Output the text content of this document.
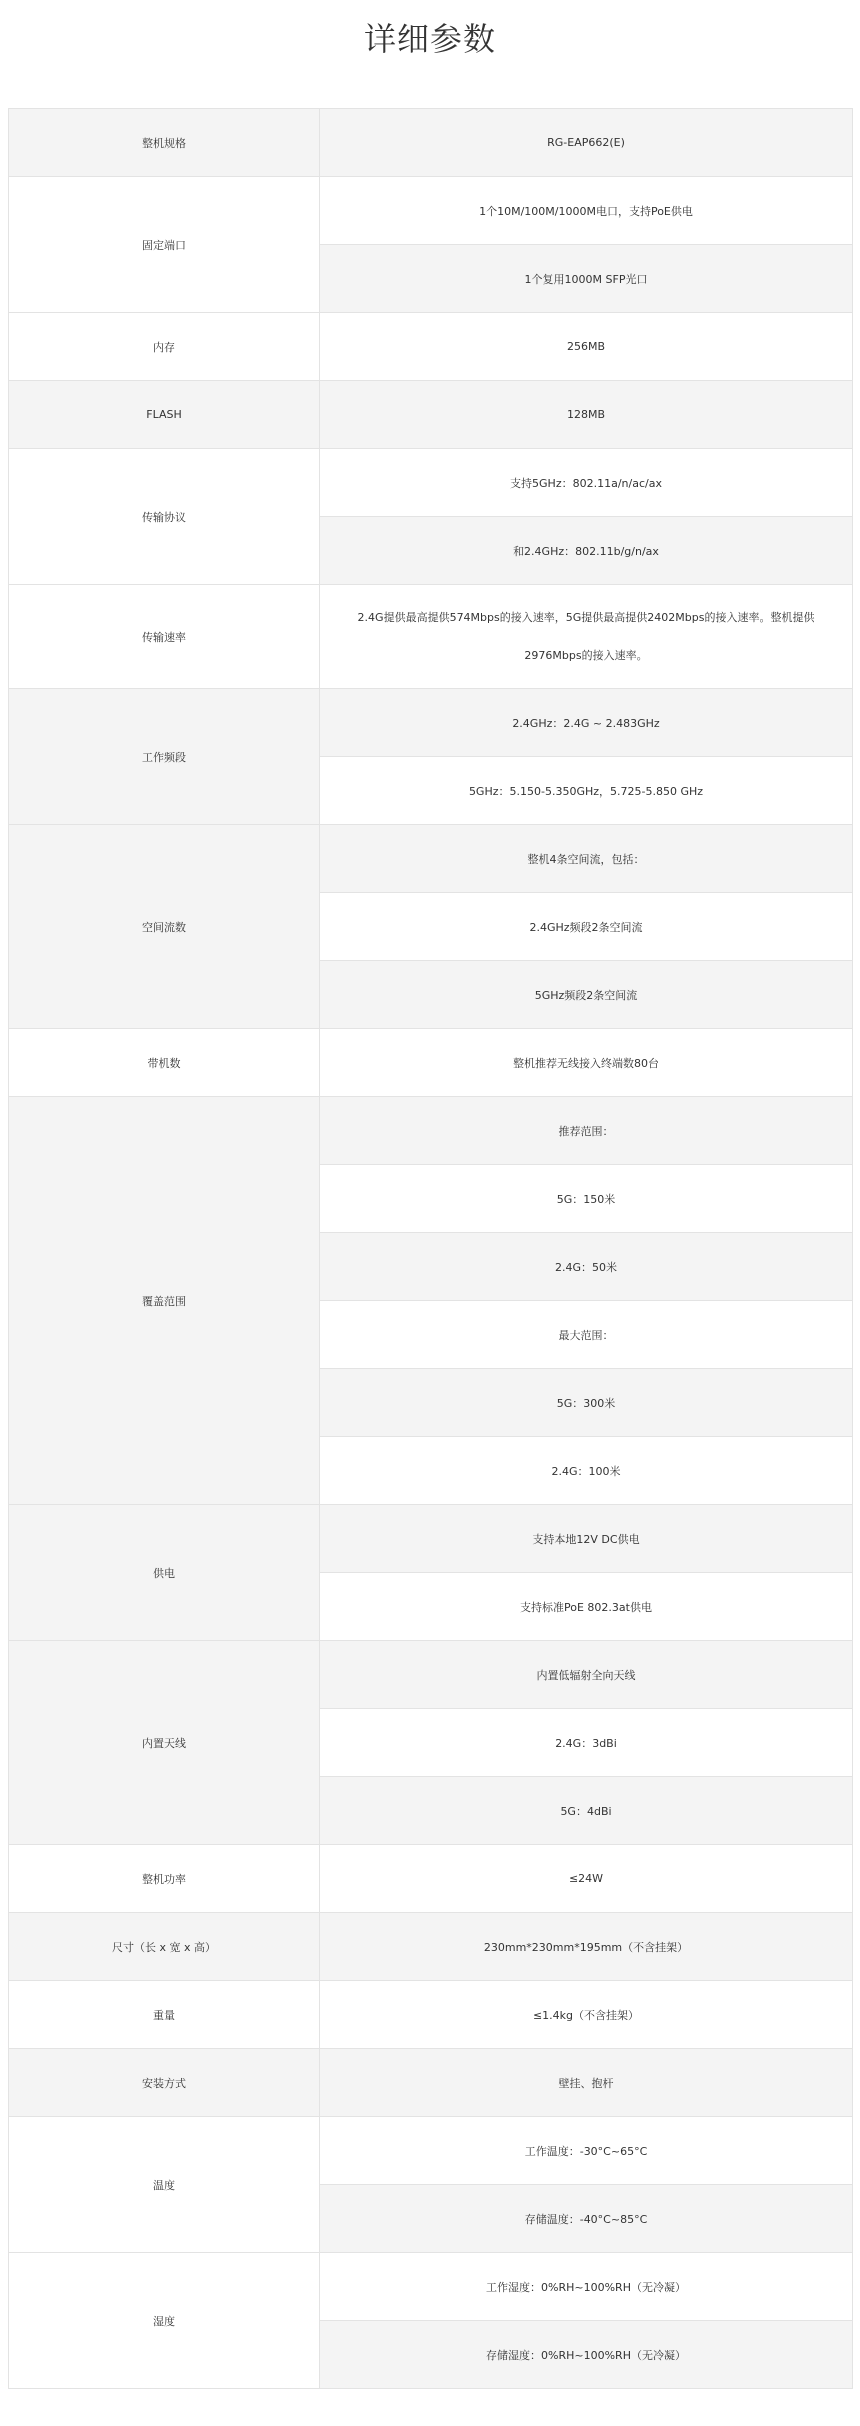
详细参数
整机规格	RG-EAP662(E)
固定端口	1个10M/100M/1000M电口，支持PoE供电
	1个复用1000M SFP光口
内存	256MB
FLASH	128MB
传输协议	支持5GHz：802.11a/n/ac/ax
	和2.4GHz：802.11b/g/n/ax
传输速率	2.4G提供最高提供574Mbps的接入速率，5G提供最高提供2402Mbps的接入速率。整机提供2976Mbps的接入速率。
工作频段	2.4GHz：2.4G ~ 2.483GHz
	5GHz：5.150-5.350GHz，5.725-5.850 GHz
空间流数	整机4条空间流，包括：
	2.4GHz频段2条空间流
	5GHz频段2条空间流
带机数	整机推荐无线接入终端数80台
覆盖范围	推荐范围：
	5G：150米
	2.4G：50米
	最大范围：
	5G：300米
	2.4G：100米
供电	支持本地12V DC供电
	支持标准PoE 802.3at供电
内置天线	内置低辐射全向天线
	2.4G：3dBi
	5G：4dBi
整机功率	≤24W
尺寸（长 x 宽 x 高）	230mm*230mm*195mm（不含挂架）
重量	≤1.4kg（不含挂架）
安装方式	壁挂、抱杆
温度	工作温度：-30°C~65°C
	存储温度：-40°C~85°C
湿度	工作湿度：0%RH~100%RH（无冷凝）
	存储湿度：0%RH~100%RH（无冷凝）
